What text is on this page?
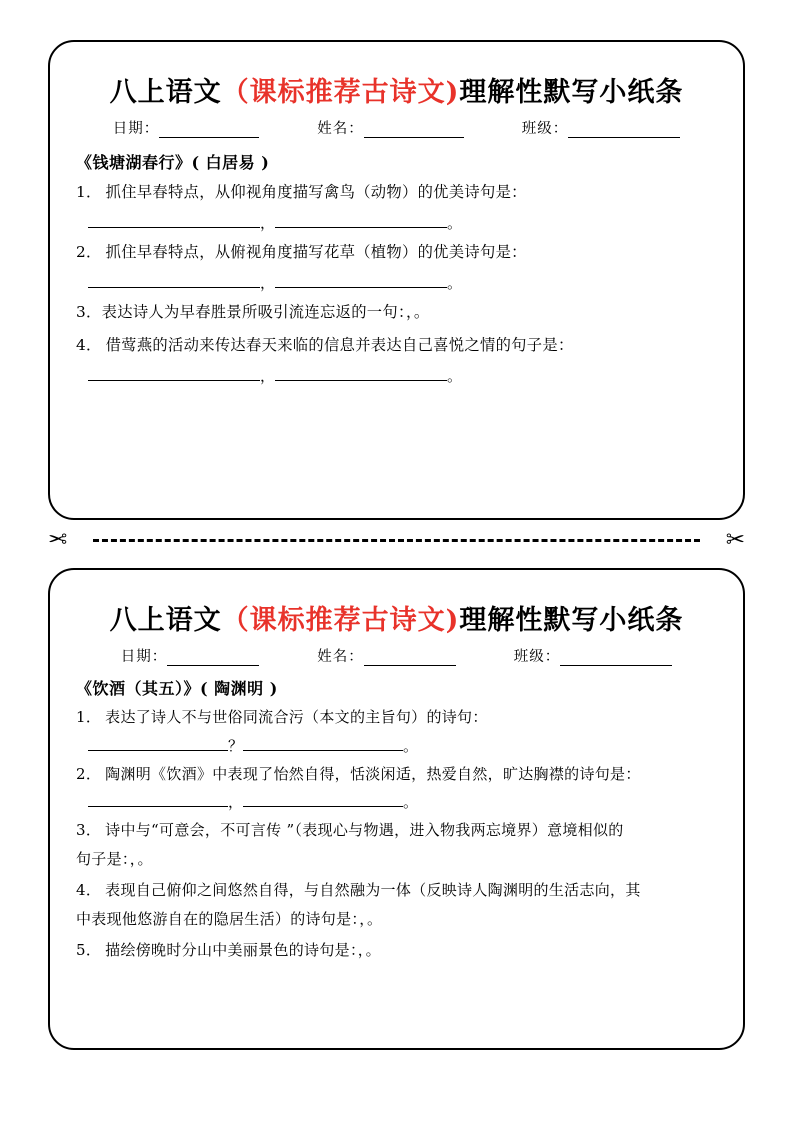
八上语文（课标推荐古诗文)理解性默写小纸条
日期：	姓名：	班级：
《钱塘湖春行》( 白居易 )
1． 抓住早春特点，从仰视角度描写禽鸟（动物）的优美诗句是：
，	。
2． 抓住早春特点，从俯视角度描写花草（植物）的优美诗句是：
，	。
3．表达诗人为早春胜景所吸引流连忘返的一句：，。
4． 借莺燕的活动来传达春天来临的信息并表达自己喜悦之情的句子是：
，	。
✂	✂
八上语文（课标推荐古诗文)理解性默写小纸条
日期：	姓名：	班级：
《饮酒（其五）》( 陶渊明 )
1． 表达了诗人不与世俗同流合污（本文的主旨句）的诗句：
？	。
2． 陶渊明《饮酒》中表现了怡然自得，恬淡闲适，热爱自然，旷达胸襟的诗句是：
，	。
3． 诗中与“可意会，不可言传 ”（表现心与物遇，进入物我两忘境界）意境相似的
句子是：，。
4． 表现自己俯仰之间悠然自得，与自然融为一体（反映诗人陶渊明的生活志向，其
中表现他悠游自在的隐居生活）的诗句是：，。
5． 描绘傍晚时分山中美丽景色的诗句是：，。
